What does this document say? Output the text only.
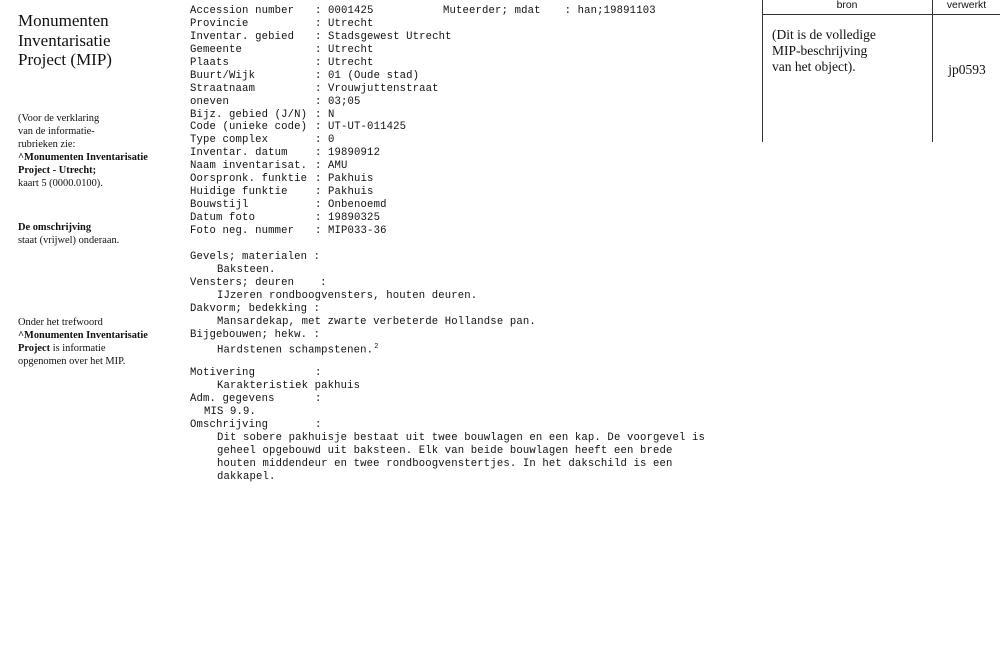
Monumenten
Inventarisatie
Project (MIP)
(Voor de verklaring
van de informatie-
rubrieken zie:
^Monumenten Inventarisatie
Project - Utrecht;
kaart 5 (0000.0100).
De omschrijving
staat (vrijwel) onderaan.
Onder het trefwoord
^Monumenten Inventarisatie
Project is informatie
opgenomen over het MIP.
Muteerder; mdat : han;19891103
Accession number	: 0001425
Provincie	: Utrecht
Inventar. gebied	: Stadsgewest Utrecht
Gemeente	: Utrecht
Plaats	: Utrecht
Buurt/Wijk	: 01 (Oude stad)
Straatnaam	: Vrouwjuttenstraat
oneven	: 03;05
Bijz. gebied (J/N) : N
Code (unieke code) : UT-UT-011425
Type complex	: 0
Inventar. datum	: 19890912
Naam inventarisat. : AMU
Oorspronk. funktie : Pakhuis
Huidige funktie	: Pakhuis
Bouwstijl	: Onbenoemd
Datum foto	: 19890325
Foto neg. nummer	: MIP033-36
Gevels; materialen :
Baksteen.
Vensters; deuren    :
IJzeren rondboogvensters, houten deuren.
Dakvorm; bedekking :
Mansardekap, met zwarte verbeterde Hollandse pan.
Bijgebouwen; hekw. :
Hardstenen schampstenen.$^2$
Motivering	:
Karakteristiek pakhuis
Adm. gegevens	:
MIS 9.9.
Omschrijving	:
Dit sobere pakhuisje bestaat uit twee bouwlagen en een kap. De voorgevel is
geheel opgebouwd uit baksteen. Elk van beide bouwlagen heeft een brede
houten middendeur en twee rondboogvenstertjes. In het dakschild is een
dakkapel.
bron	verwerkt
(Dit is de volledige
MIP-beschrijving
van het object).	jp0593
